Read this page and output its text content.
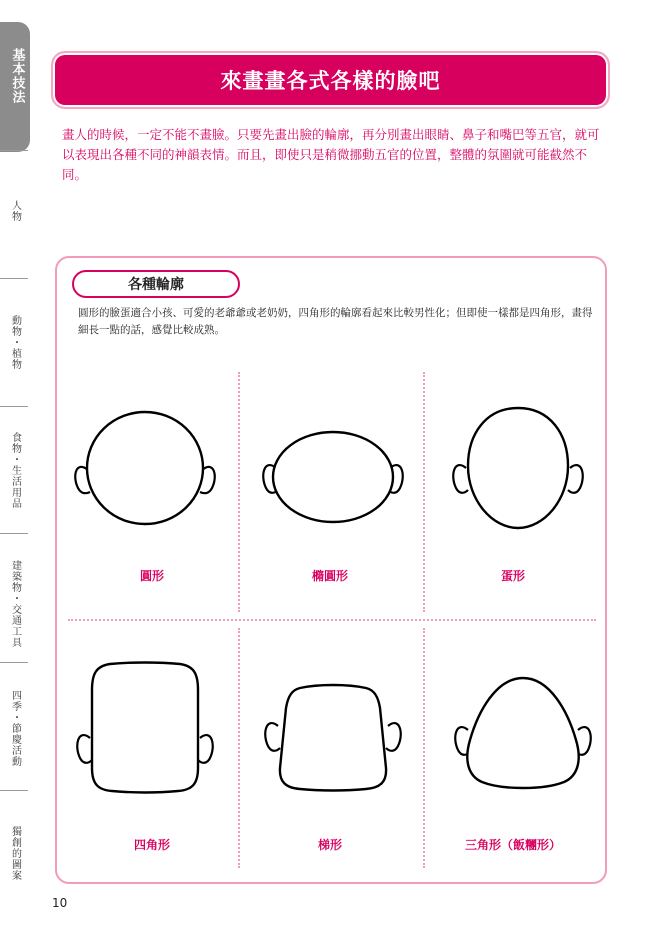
基本技法
人物
動物・植物
食物・生活用品
建築物・交通工具
四季・節慶活動
獨創的圖案
來畫畫各式各樣的臉吧

畫人的時候，一定不能不畫臉。只要先畫出臉的輪廓，再分別畫出眼睛、鼻子和嘴巴等五官，就可以表現出各種不同的神韻表情。而且，即使只是稍微挪動五官的位置，整體的氛圍就可能截然不同。

各種輪廓

圓形的臉蛋適合小孩、可愛的老爺爺或老奶奶，四角形的輪廓看起來比較男性化；但即使一樣都是四角形，畫得細長一點的話，感覺比較成熟。

圓形	橢圓形	蛋形
四角形	梯形	三角形（飯糰形）
10
